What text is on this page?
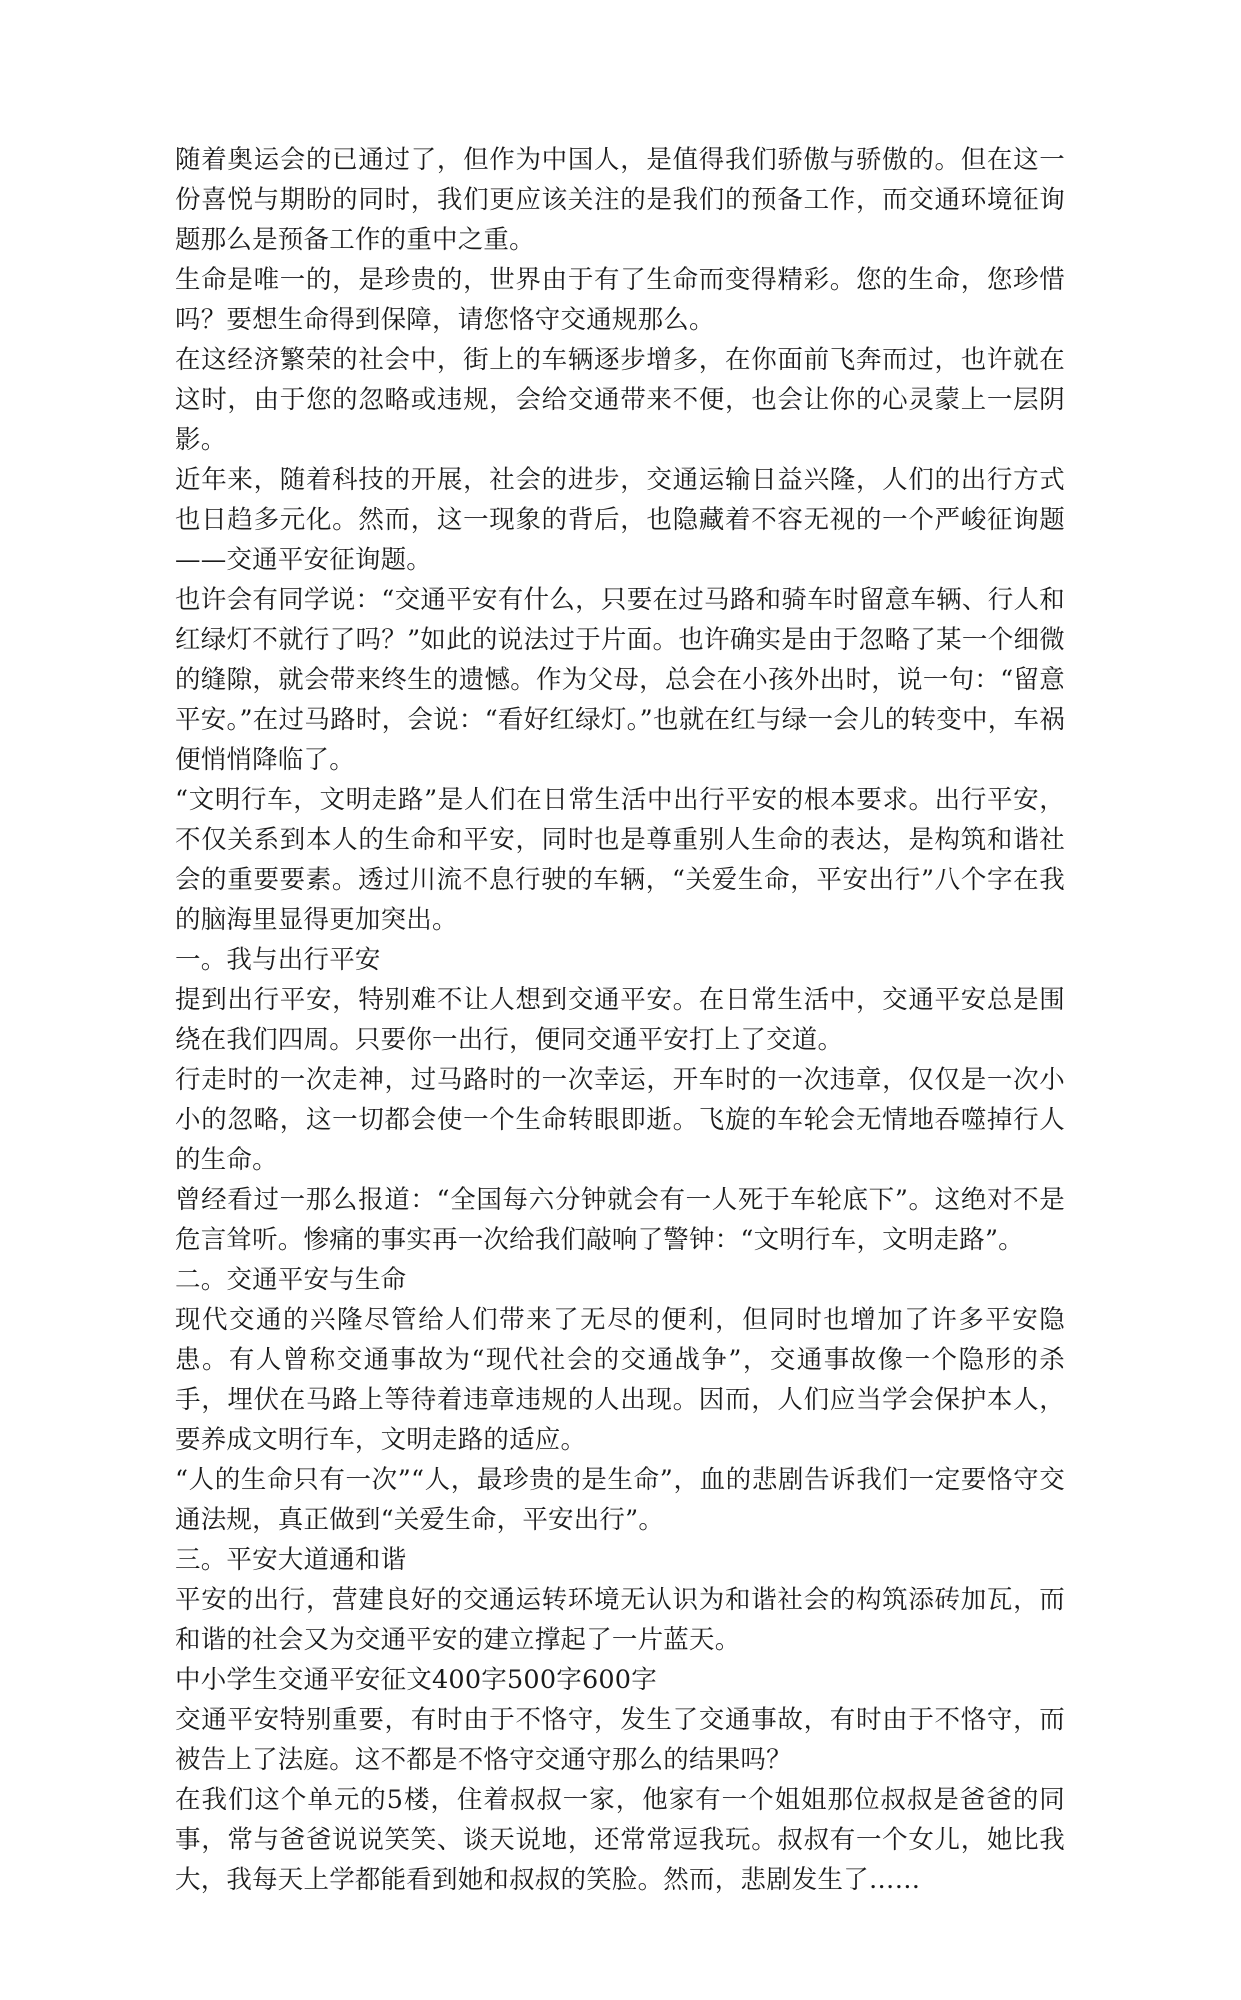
随着奥运会的已通过了，但作为中国人，是值得我们骄傲与骄傲的。但在这一份喜悦与期盼的同时，我们更应该关注的是我们的预备工作，而交通环境征询题那么是预备工作的重中之重。

生命是唯一的，是珍贵的，世界由于有了生命而变得精彩。您的生命，您珍惜吗？要想生命得到保障，请您恪守交通规那么。

在这经济繁荣的社会中，街上的车辆逐步增多，在你面前飞奔而过，也许就在这时，由于您的忽略或违规，会给交通带来不便，也会让你的心灵蒙上一层阴影。

近年来，随着科技的开展，社会的进步，交通运输日益兴隆，人们的出行方式也日趋多元化。然而，这一现象的背后，也隐藏着不容无视的一个严峻征询题——交通平安征询题。

也许会有同学说：“交通平安有什么，只要在过马路和骑车时留意车辆、行人和红绿灯不就行了吗？”如此的说法过于片面。也许确实是由于忽略了某一个细微的缝隙，就会带来终生的遗憾。作为父母，总会在小孩外出时，说一句：“留意平安。”在过马路时，会说：“看好红绿灯。”也就在红与绿一会儿的转变中，车祸便悄悄降临了。

“文明行车，文明走路”是人们在日常生活中出行平安的根本要求。出行平安，不仅关系到本人的生命和平安，同时也是尊重别人生命的表达，是构筑和谐社会的重要要素。透过川流不息行驶的车辆，“关爱生命，平安出行”八个字在我的脑海里显得更加突出。

一。我与出行平安

提到出行平安，特别难不让人想到交通平安。在日常生活中，交通平安总是围绕在我们四周。只要你一出行，便同交通平安打上了交道。

行走时的一次走神，过马路时的一次幸运，开车时的一次违章，仅仅是一次小小的忽略，这一切都会使一个生命转眼即逝。飞旋的车轮会无情地吞噬掉行人的生命。

曾经看过一那么报道：“全国每六分钟就会有一人死于车轮底下”。这绝对不是危言耸听。惨痛的事实再一次给我们敲响了警钟：“文明行车，文明走路”。

二。交通平安与生命

现代交通的兴隆尽管给人们带来了无尽的便利，但同时也增加了许多平安隐患。有人曾称交通事故为“现代社会的交通战争”，交通事故像一个隐形的杀手，埋伏在马路上等待着违章违规的人出现。因而，人们应当学会保护本人，要养成文明行车，文明走路的适应。

“人的生命只有一次”“人，最珍贵的是生命”，血的悲剧告诉我们一定要恪守交通法规，真正做到“关爱生命，平安出行”。

三。平安大道通和谐

平安的出行，营建良好的交通运转环境无认识为和谐社会的构筑添砖加瓦，而和谐的社会又为交通平安的建立撑起了一片蓝天。

中小学生交通平安征文400字500字600字

交通平安特别重要，有时由于不恪守，发生了交通事故，有时由于不恪守，而被告上了法庭。这不都是不恪守交通守那么的结果吗？

在我们这个单元的5楼，住着叔叔一家，他家有一个姐姐那位叔叔是爸爸的同事，常与爸爸说说笑笑、谈天说地，还常常逗我玩。叔叔有一个女儿，她比我大，我每天上学都能看到她和叔叔的笑脸。然而，悲剧发生了……
